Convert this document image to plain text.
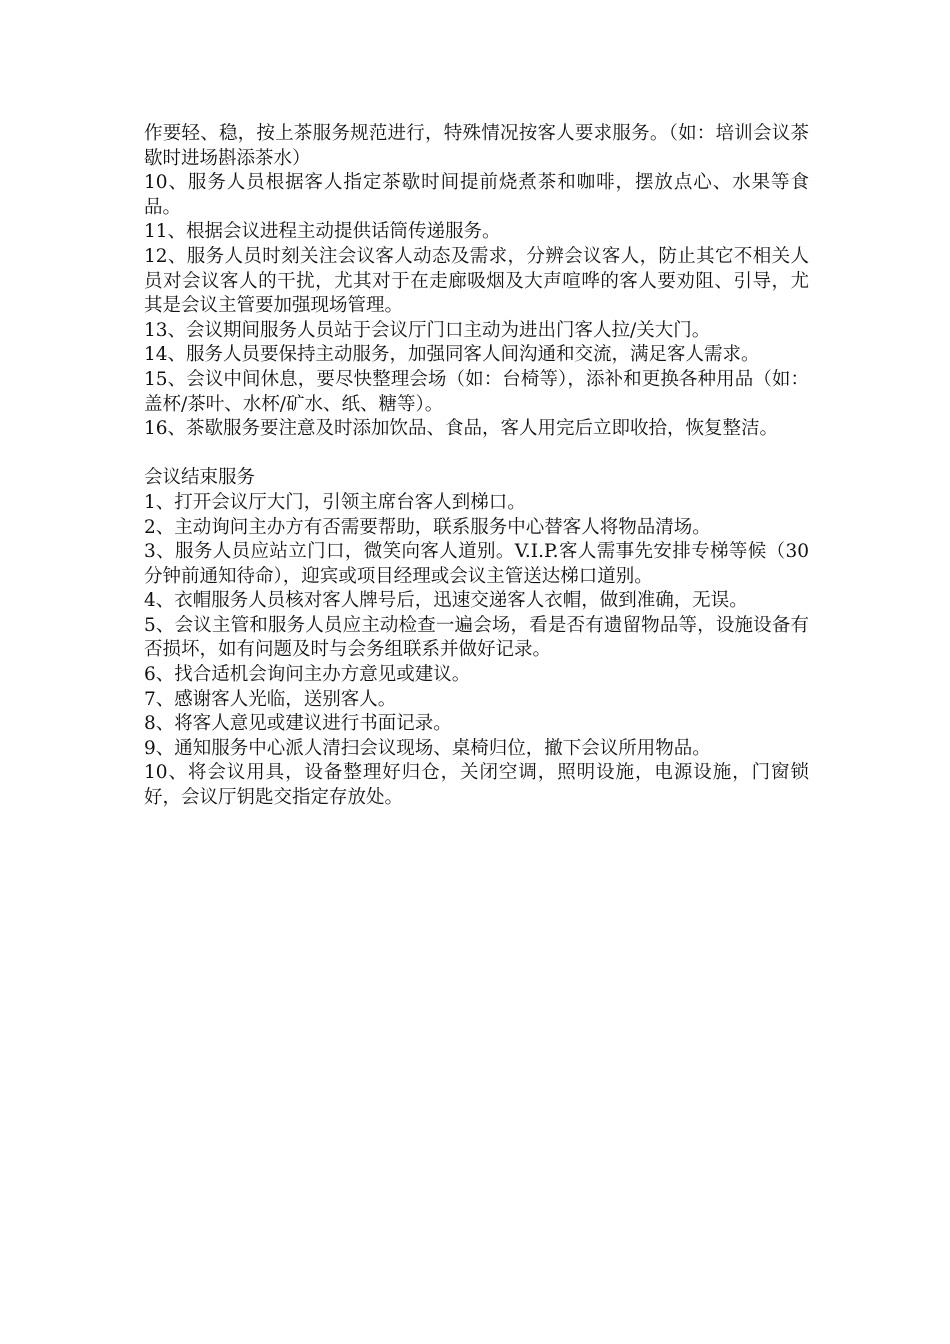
作要轻、稳，按上茶服务规范进行，特殊情况按客人要求服务。（如：培训会议茶歇时进场斟添茶水）

10、服务人员根据客人指定茶歇时间提前烧煮茶和咖啡，摆放点心、水果等食品。

11、根据会议进程主动提供话筒传递服务。

12、服务人员时刻关注会议客人动态及需求，分辨会议客人，防止其它不相关人员对会议客人的干扰，尤其对于在走廊吸烟及大声喧哗的客人要劝阻、引导，尤其是会议主管要加强现场管理。

13、会议期间服务人员站于会议厅门口主动为进出门客人拉/关大门。

14、服务人员要保持主动服务，加强同客人间沟通和交流，满足客人需求。

15、会议中间休息，要尽快整理会场（如：台椅等），添补和更换各种用品（如：盖杯/茶叶、水杯/矿水、纸、糖等）。

16、茶歇服务要注意及时添加饮品、食品，客人用完后立即收拾，恢复整洁。

会议结束服务

1、打开会议厅大门，引领主席台客人到梯口。

2、主动询问主办方有否需要帮助，联系服务中心替客人将物品清场。

3、服务人员应站立门口，微笑向客人道别。V.I.P.客人需事先安排专梯等候（30分钟前通知待命），迎宾或项目经理或会议主管送达梯口道别。

4、衣帽服务人员核对客人牌号后，迅速交递客人衣帽，做到准确，无误。

5、会议主管和服务人员应主动检查一遍会场，看是否有遗留物品等，设施设备有否损坏，如有问题及时与会务组联系并做好记录。

6、找合适机会询问主办方意见或建议。

7、感谢客人光临，送别客人。

8、将客人意见或建议进行书面记录。

9、通知服务中心派人清扫会议现场、桌椅归位，撤下会议所用物品。

10、将会议用具，设备整理好归仓，关闭空调，照明设施，电源设施，门窗锁好，会议厅钥匙交指定存放处。
